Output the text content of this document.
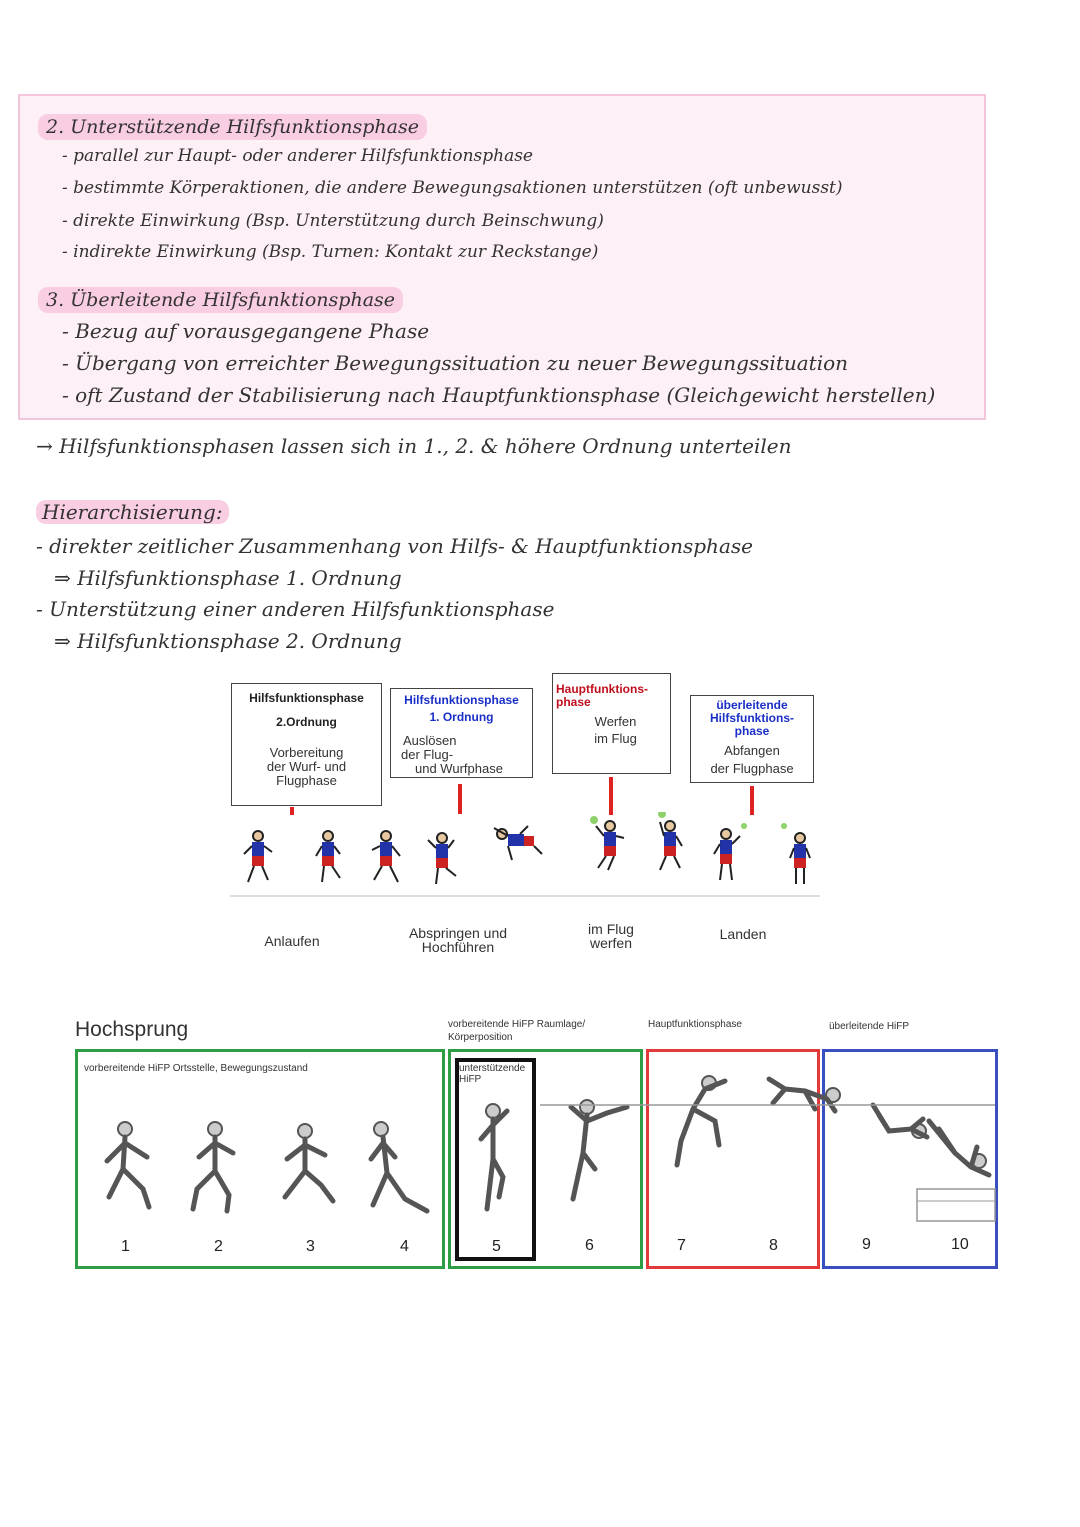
2. Unterstützende Hilfsfunktionsphase
- parallel zur Haupt- oder anderer Hilfsfunktionsphase
- bestimmte Körperaktionen, die andere Bewegungsaktionen unterstützen (oft unbewusst)
- direkte Einwirkung (Bsp. Unterstützung durch Beinschwung)
- indirekte Einwirkung (Bsp. Turnen: Kontakt zur Reckstange)
3. Überleitende Hilfsfunktionsphase
- Bezug auf vorausgegangene Phase
- Übergang von erreichter Bewegungssituation zu neuer Bewegungssituation
- oft Zustand der Stabilisierung nach Hauptfunktionsphase (Gleichgewicht herstellen)
→ Hilfsfunktionsphasen lassen sich in 1., 2. & höhere Ordnung unterteilen
Hierarchisierung:
- direkter zeitlicher Zusammenhang von Hilfs- & Hauptfunktionsphase
⇒ Hilfsfunktionsphase 1. Ordnung
- Unterstützung einer anderen Hilfsfunktionsphase
⇒ Hilfsfunktionsphase 2. Ordnung
Hilfsfunktionsphase
2.Ordnung
Vorbereitung
der Wurf- und
Flugphase
Hilfsfunktionsphase
1. Ordnung
Auslösen
der Flug-
und Wurfphase
Hauptfunktions-
phase
Werfen
im Flug
überleitende
Hilfsfunktions-
phase
Abfangen
der Flugphase
Anlaufen	Abspringen und
Hochführen
im Flug
werfen
Landen
Hochsprung	vorbereitende HiFP Raumlage/
Körperposition
Hauptfunktionsphase	überleitende HiFP
vorbereitende HiFP Ortsstelle, Bewegungszustand	unterstützende
HiFP
1	2	3	4	5	6	7	8	9	10
